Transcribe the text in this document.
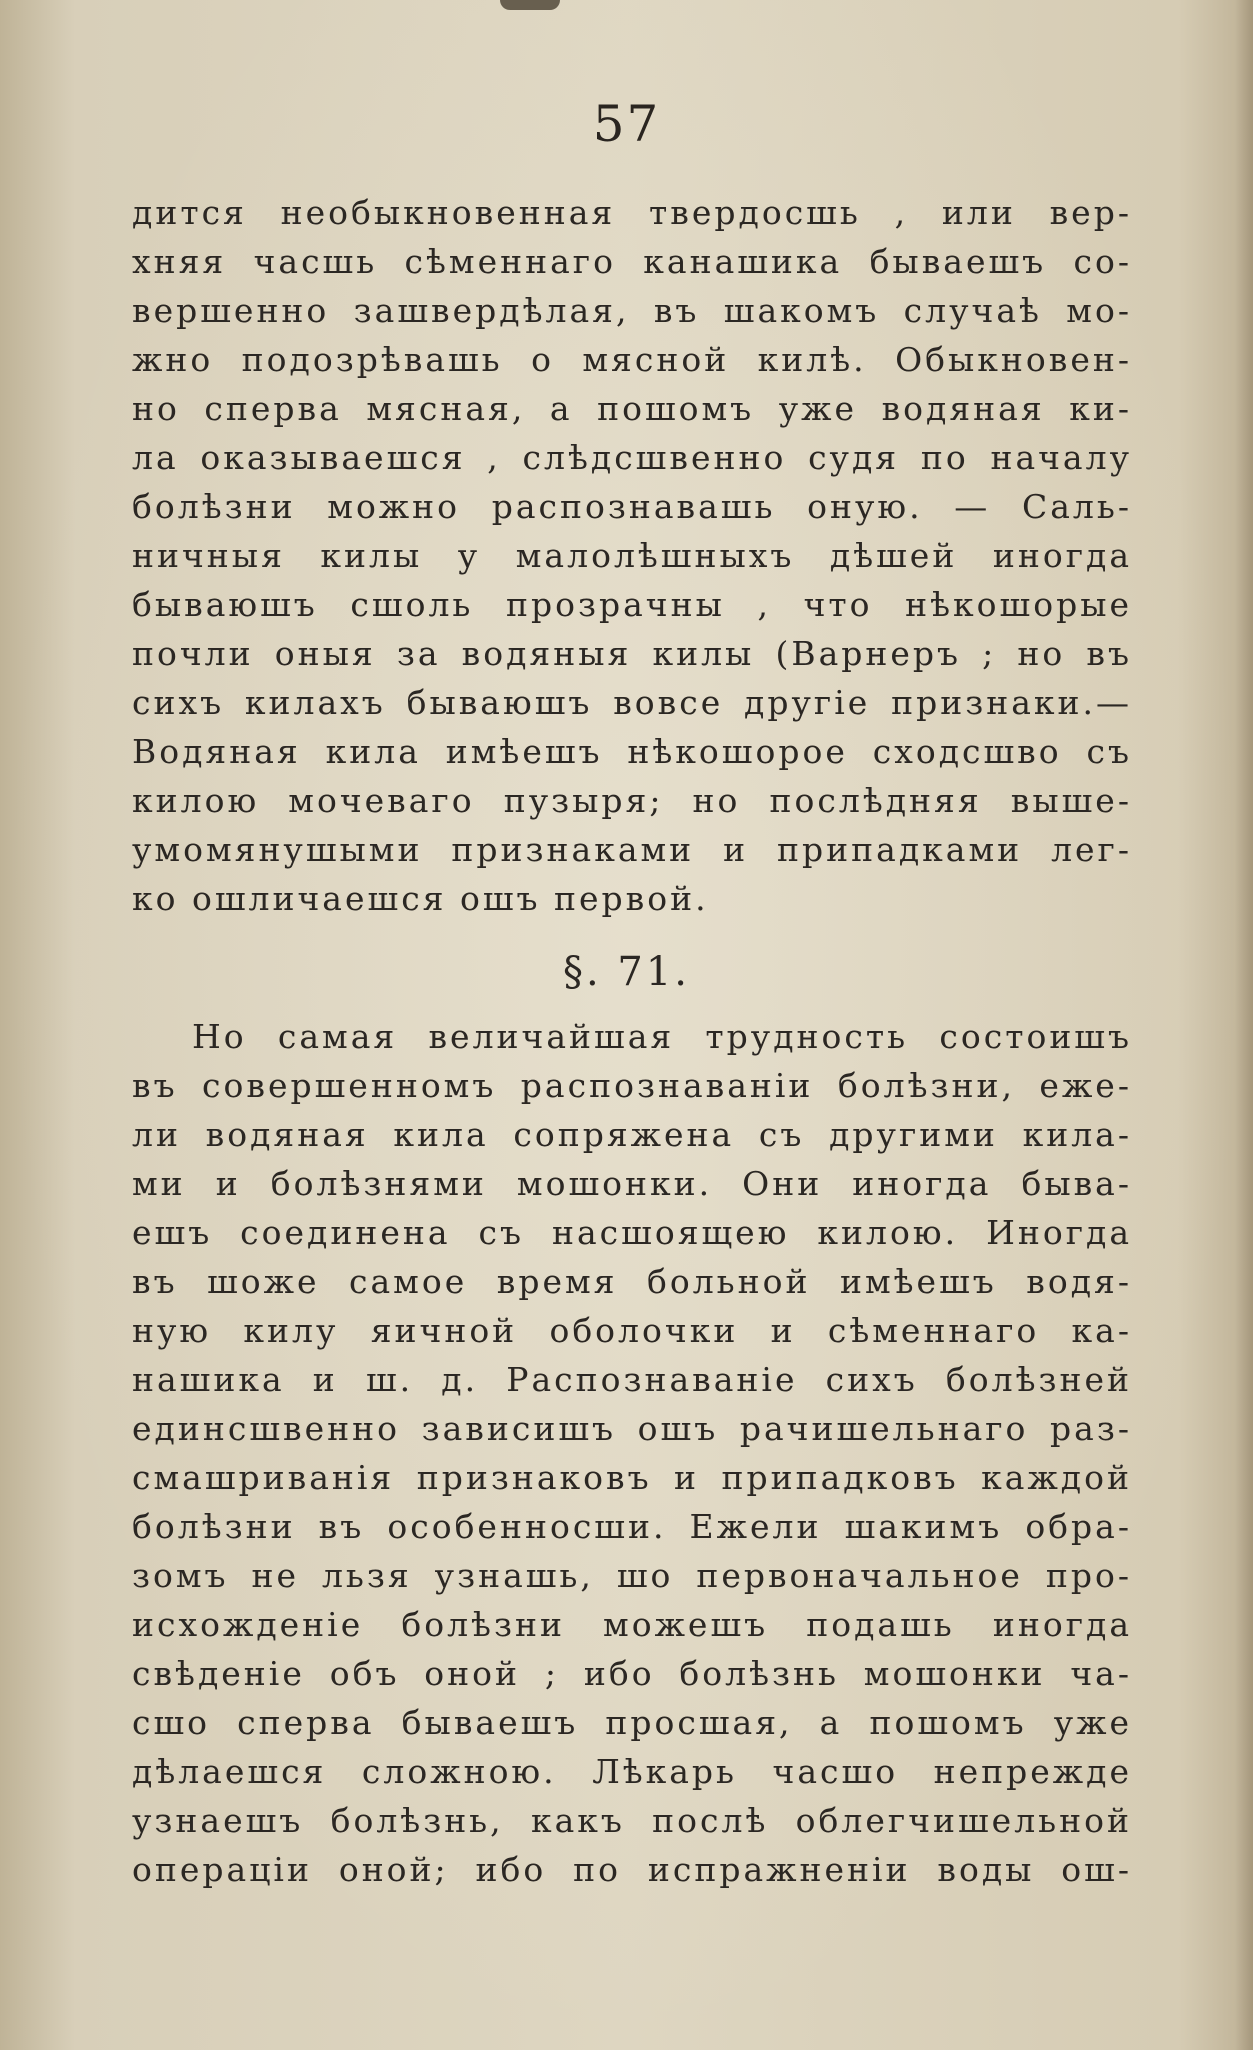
57
дится необыкновенная твердосшь , или вер-
хняя часшь сѣменнаго канашика бываешъ со-
вершенно зашвердѣлая, въ шакомъ случаѣ мо-
жно подозрѣвашь о мясной килѣ. Обыкновен-
но сперва мясная, а пошомъ уже водяная ки-
ла оказываешся , слѣдсшвенно судя по началу
болѣзни можно распознавашь оную. — Саль-
ничныя килы у малолѣшныхъ дѣшей иногда
бываюшъ сшоль прозрачны , что нѣкошорые
почли оныя за водяныя килы (Варнеръ ; но въ
сихъ килахъ бываюшъ вовсе другіе признаки.—
Водяная кила имѣешъ нѣкошорое сходсшво съ
килою мочеваго пузыря; но послѣдняя выше-
умомянушыми признаками и припадками лег-
ко ошличаешся ошъ первой.
§. 71.
Но самая величайшая трудность состоишъ
въ совершенномъ распознаваніи болѣзни, еже-
ли водяная кила сопряжена съ другими кила-
ми и болѣзнями мошонки. Они иногда быва-
ешъ соединена съ насшоящею килою. Иногда
въ шоже самое время больной имѣешъ водя-
ную килу яичной оболочки и сѣменнаго ка-
нашика и ш. д. Распознаваніе сихъ болѣзней
единсшвенно зависишъ ошъ рачишельнаго раз-
смашриванія признаковъ и припадковъ каждой
болѣзни въ особенносши. Ежели шакимъ обра-
зомъ не льзя узнашь, шо первоначальное про-
исхожденіе болѣзни можешъ подашь иногда
свѣденіе объ оной ; ибо болѣзнь мошонки ча-
сшо сперва бываешъ просшая, а пошомъ уже
дѣлаешся сложною. Лѣкарь часшо непрежде
узнаешъ болѣзнь, какъ послѣ облегчишельной
операціи оной; ибо по испражненіи воды ош-
